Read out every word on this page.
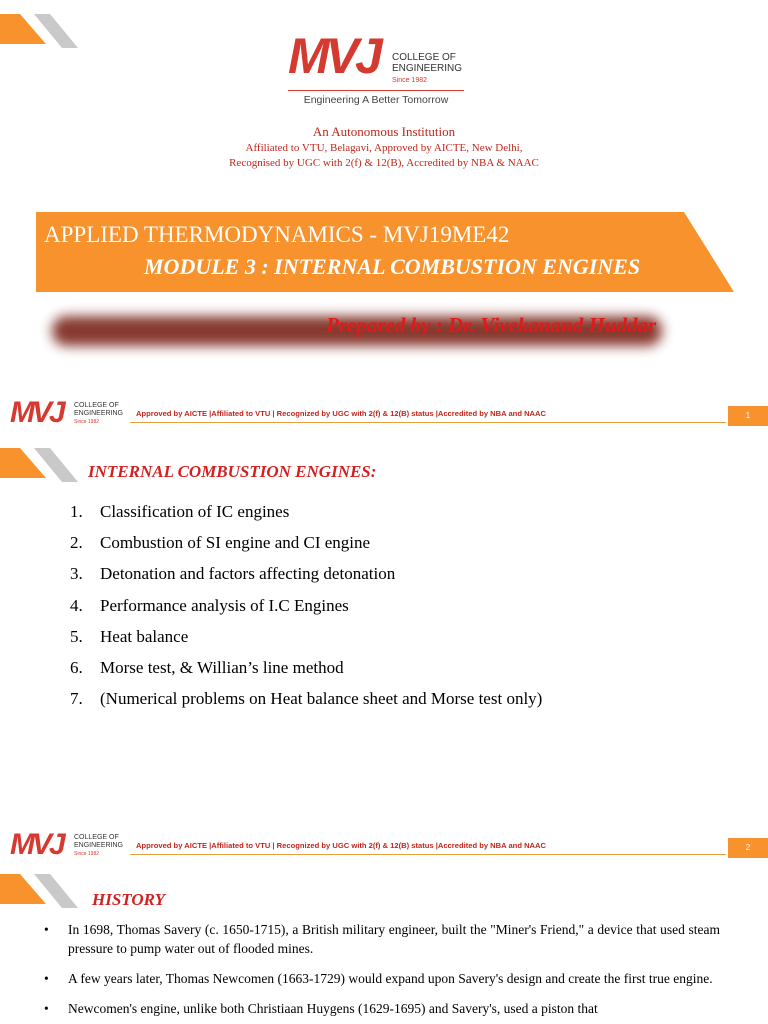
MVJ COLLEGE OF
ENGINEERING
Since 1982
Engineering A Better Tomorrow
An Autonomous Institution
Affiliated to VTU, Belagavi, Approved by AICTE, New Delhi,
Recognised by UGC with 2(f) & 12(B), Accredited by NBA & NAAC
APPLIED THERMODYNAMICS - MVJ19ME42
MODULE 3 : INTERNAL COMBUSTION ENGINES
Prepared by : Dr. Vivekanand Huddar
MVJ COLLEGE OF
ENGINEERING
Since 1982
Approved by AICTE |Affiliated to VTU | Recognized by UGC with 2(f) & 12(B) status |Accredited by NBA and NAAC	1
INTERNAL COMBUSTION ENGINES:
1.	Classification of IC engines
2.	Combustion of SI engine and CI engine
3.	Detonation and factors affecting detonation
4.	Performance analysis of I.C Engines
5.	Heat balance
6.	Morse test, & Willian’s line method
7.	(Numerical problems on Heat balance sheet and Morse test only)
MVJ COLLEGE OF
ENGINEERING
Since 1982
Approved by AICTE |Affiliated to VTU | Recognized by UGC with 2(f) & 12(B) status |Accredited by NBA and NAAC	2
HISTORY
• In 1698, Thomas Savery (c. 1650-1715), a British military engineer, built the "Miner's Friend," a device that used steam pressure to pump water out of flooded mines.
• A few years later, Thomas Newcomen (1663-1729) would expand upon Savery's design and create the first true engine.
• Newcomen's engine, unlike both Christiaan Huygens (1629-1695) and Savery's, used a piston that
